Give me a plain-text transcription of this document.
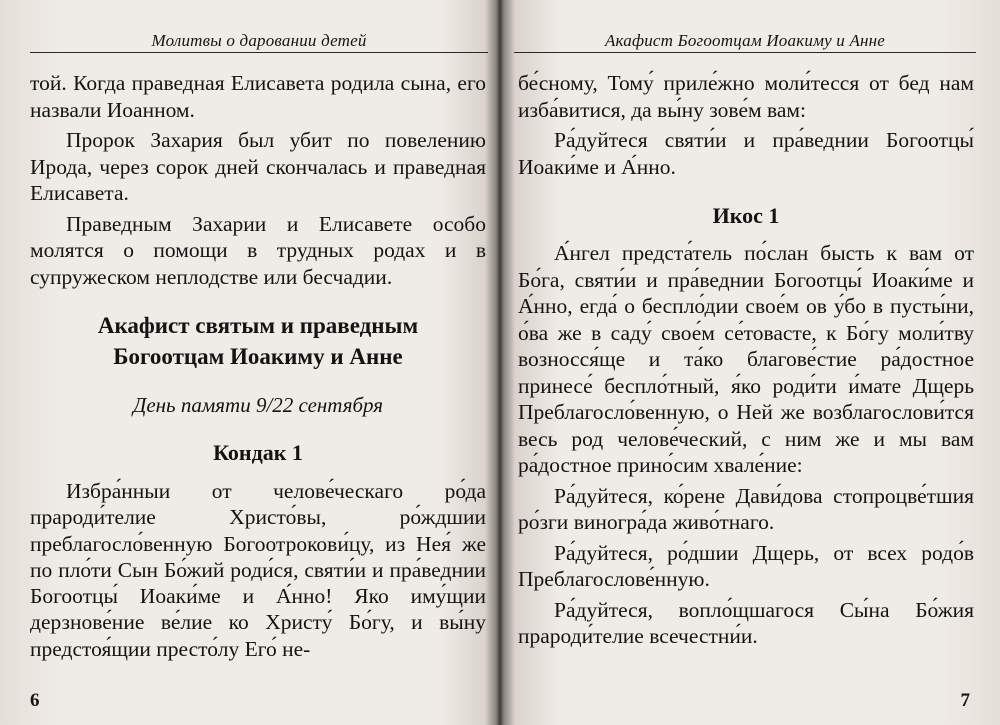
Молитвы о даровании детей

той. Когда праведная Елисавета родила сына, его назвали Иоанном.

Пророк Захария был убит по повелению Ирода, через сорок дней скончалась и праведная Елисавета.

Праведным Захарии и Елисавете особо молятся о помощи в трудных родах и в супружеском неплодстве или бесчадии.

Акафист святым и праведным
Богоотцам Иоакиму и Анне
День памяти 9/22 сентября
Кондак 1

Избра́нныи от челове́ческаго ро́да прароди́телие Христо́вы, ро́ждшии преблагосло́венную Богоотрокови́цу, из Нея́ же по пло́ти Сын Бо́жий роди́ся, святи́и и пра́веднии Богоотцы́ Иоаки́ме и А́нно! Яко иму́щии дерзнове́ние ве́лие ко Христу́ Бо́гу, и вы́ну предстоя́щии престо́лу Его́ не-

6
Акафист Богоотцам Иоакиму и Анне

бе́сному, Тому́ приле́жно моли́тесся от бед нам изба́витися, да вы́ну зове́м вам:

Ра́дуйтеся святи́и и пра́веднии Богоотцы́ Иоаки́ме и А́нно.

Икос 1

А́нгел предста́тель по́слан бысть к вам от Бо́га, святи́и и пра́веднии Богоотцы́ Иоаки́ме и А́нно, егда́ о беспло́дии свое́м ов у́бо в пусты́ни, о́ва же в саду́ свое́м се́товасте, к Бо́гу моли́тву возносся́ще и та́ко благове́стие ра́достное принесе́ беспло́тный, я́ко роди́ти и́мате Дщерь Преблагосло́венную, о Ней же возблагослови́тся весь род челове́ческий, с ним же и мы вам ра́достное прино́сим хвале́ние:

Ра́дуйтеся, ко́рене Дави́дова стопроцве́тшия ро́зги виногра́да живо́тнаго.

Ра́дуйтеся, ро́дшии Дщерь, от всех родо́в Преблагослове́нную.

Ра́дуйтеся, вопло́щшагося Сы́на Бо́жия прароди́телие всечестни́и.

7
